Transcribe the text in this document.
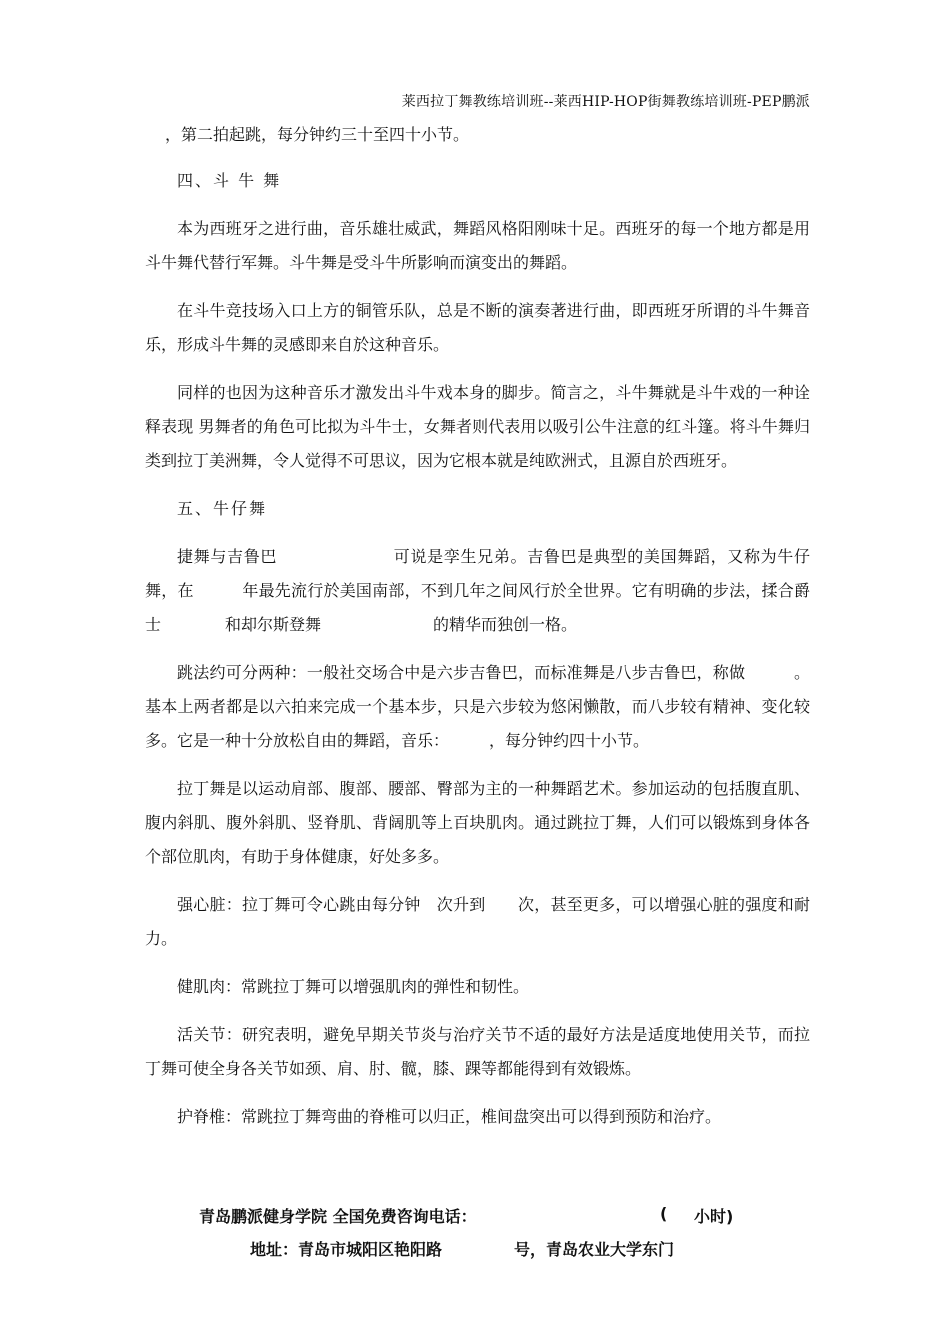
莱西拉丁舞教练培训班--莱西HIP-HOP街舞教练培训班-PEP鹏派

，第二拍起跳，每分钟约三十至四十小节。

四、斗 牛 舞

本为西班牙之进行曲，音乐雄壮威武，舞蹈风格阳刚味十足。西班牙的每一个地方都是用斗牛舞代替行军舞。斗牛舞是受斗牛所影响而演变出的舞蹈。

在斗牛竞技场入口上方的铜管乐队，总是不断的演奏著进行曲，即西班牙所谓的斗牛舞音乐，形成斗牛舞的灵感即来自於这种音乐。

同样的也因为这种音乐才激发出斗牛戏本身的脚步。简言之，斗牛舞就是斗牛戏的一种诠释表现 男舞者的角色可比拟为斗牛士，女舞者则代表用以吸引公牛注意的红斗篷。将斗牛舞归类到拉丁美洲舞，令人觉得不可思议，因为它根本就是纯欧洲式，且源自於西班牙。

五、牛仔舞

捷舞与吉鲁巴　　　　　　　可说是孪生兄弟。吉鲁巴是典型的美国舞蹈，又称为牛仔舞，在　　　年最先流行於美国南部，不到几年之间风行於全世界。它有明确的步法，揉合爵士　　　　和却尔斯登舞　　　　　　　的精华而独创一格。

跳法约可分两种：一般社交场合中是六步吉鲁巴，而标准舞是八步吉鲁巴，称做　　　。基本上两者都是以六拍来完成一个基本步，只是六步较为悠闲懒散，而八步较有精神、变化较多。它是一种十分放松自由的舞蹈，音乐：　　　，每分钟约四十小节。

拉丁舞是以运动肩部、腹部、腰部、臀部为主的一种舞蹈艺术。参加运动的包括腹直肌、腹内斜肌、腹外斜肌、竖脊肌、背阔肌等上百块肌肉。通过跳拉丁舞，人们可以锻炼到身体各个部位肌肉，有助于身体健康，好处多多。

强心脏：拉丁舞可令心跳由每分钟　次升到　　次，甚至更多，可以增强心脏的强度和耐力。

健肌肉：常跳拉丁舞可以增强肌肉的弹性和韧性。

活关节：研究表明，避免早期关节炎与治疗关节不适的最好方法是适度地使用关节，而拉丁舞可使全身各关节如颈、肩、肘、髋，膝、踝等都能得到有效锻炼。

护脊椎：常跳拉丁舞弯曲的脊椎可以归正，椎间盘突出可以得到预防和治疗。

青岛鹏派健身学院 全国免费咨询电话：	( 小时)
地址：青岛市城阳区艳阳路	号，青岛农业大学东门
